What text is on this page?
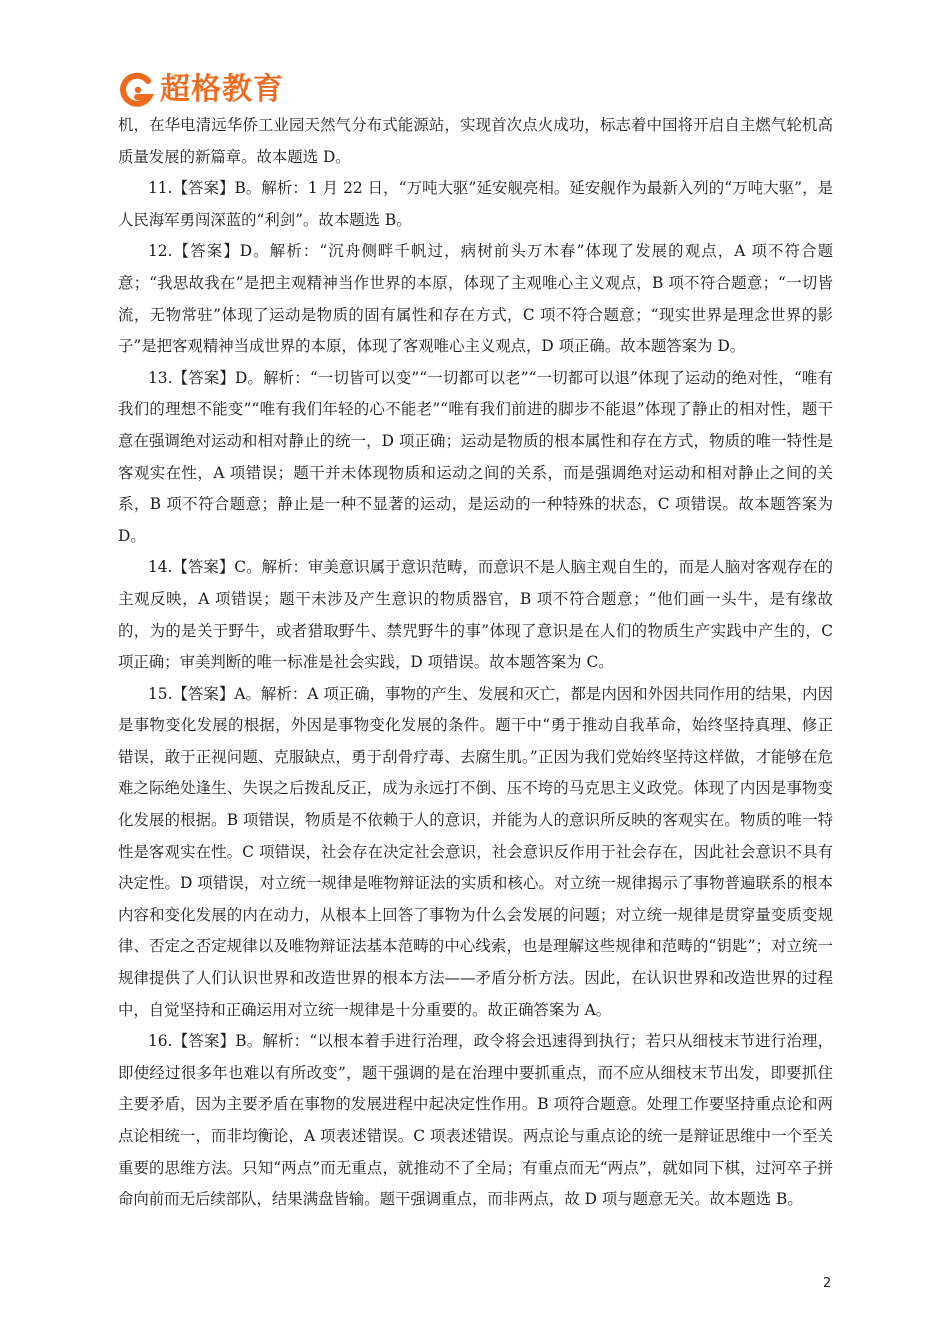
超格教育

机，在华电清远华侨工业园天然气分布式能源站，实现首次点火成功，标志着中国将开启自主燃气轮机高质量发展的新篇章。故本题选 D。

11.【答案】B。解析：1 月 22 日，“万吨大驱”延安舰亮相。延安舰作为最新入列的“万吨大驱”，是人民海军勇闯深蓝的“利剑”。故本题选 B。

12.【答案】D。解析：“沉舟侧畔千帆过，病树前头万木春”体现了发展的观点，A 项不符合题意；“我思故我在”是把主观精神当作世界的本原，体现了主观唯心主义观点，B 项不符合题意；“一切皆流，无物常驻”体现了运动是物质的固有属性和存在方式，C 项不符合题意；“现实世界是理念世界的影子”是把客观精神当成世界的本原，体现了客观唯心主义观点，D 项正确。故本题答案为 D。

13.【答案】D。解析：“一切皆可以变”“一切都可以老”“一切都可以退”体现了运动的绝对性，“唯有我们的理想不能变”“唯有我们年轻的心不能老”“唯有我们前进的脚步不能退”体现了静止的相对性，题干意在强调绝对运动和相对静止的统一，D 项正确；运动是物质的根本属性和存在方式，物质的唯一特性是客观实在性，A 项错误；题干并未体现物质和运动之间的关系，而是强调绝对运动和相对静止之间的关系，B 项不符合题意；静止是一种不显著的运动，是运动的一种特殊的状态，C 项错误。故本题答案为 D。

14.【答案】C。解析：审美意识属于意识范畴，而意识不是人脑主观自生的，而是人脑对客观存在的主观反映，A 项错误；题干未涉及产生意识的物质器官，B 项不符合题意；“他们画一头牛，是有缘故的，为的是关于野牛，或者猎取野牛、禁咒野牛的事”体现了意识是在人们的物质生产实践中产生的，C 项正确；审美判断的唯一标准是社会实践，D 项错误。故本题答案为 C。

15.【答案】A。解析：A 项正确，事物的产生、发展和灭亡，都是内因和外因共同作用的结果，内因是事物变化发展的根据，外因是事物变化发展的条件。题干中“勇于推动自我革命，始终坚持真理、修正错误，敢于正视问题、克服缺点，勇于刮骨疗毒、去腐生肌。”正因为我们党始终坚持这样做，才能够在危难之际绝处逢生、失误之后拨乱反正，成为永远打不倒、压不垮的马克思主义政党。体现了内因是事物变化发展的根据。B 项错误，物质是不依赖于人的意识，并能为人的意识所反映的客观实在。物质的唯一特性是客观实在性。C 项错误，社会存在决定社会意识，社会意识反作用于社会存在，因此社会意识不具有决定性。D 项错误，对立统一规律是唯物辩证法的实质和核心。对立统一规律揭示了事物普遍联系的根本内容和变化发展的内在动力，从根本上回答了事物为什么会发展的问题；对立统一规律是贯穿量变质变规律、否定之否定规律以及唯物辩证法基本范畴的中心线索，也是理解这些规律和范畴的“钥匙”；对立统一规律提供了人们认识世界和改造世界的根本方法——矛盾分析方法。因此，在认识世界和改造世界的过程中，自觉坚持和正确运用对立统一规律是十分重要的。故正确答案为 A。

16.【答案】B。解析：“以根本着手进行治理，政令将会迅速得到执行；若只从细枝末节进行治理，即使经过很多年也难以有所改变”，题干强调的是在治理中要抓重点，而不应从细枝末节出发，即要抓住主要矛盾，因为主要矛盾在事物的发展进程中起决定性作用。B 项符合题意。处理工作要坚持重点论和两点论相统一，而非均衡论，A 项表述错误。C 项表述错误。两点论与重点论的统一是辩证思维中一个至关重要的思维方法。只知“两点”而无重点，就推动不了全局；有重点而无“两点”，就如同下棋，过河卒子拼命向前而无后续部队，结果满盘皆输。题干强调重点，而非两点，故 D 项与题意无关。故本题选 B。

2
